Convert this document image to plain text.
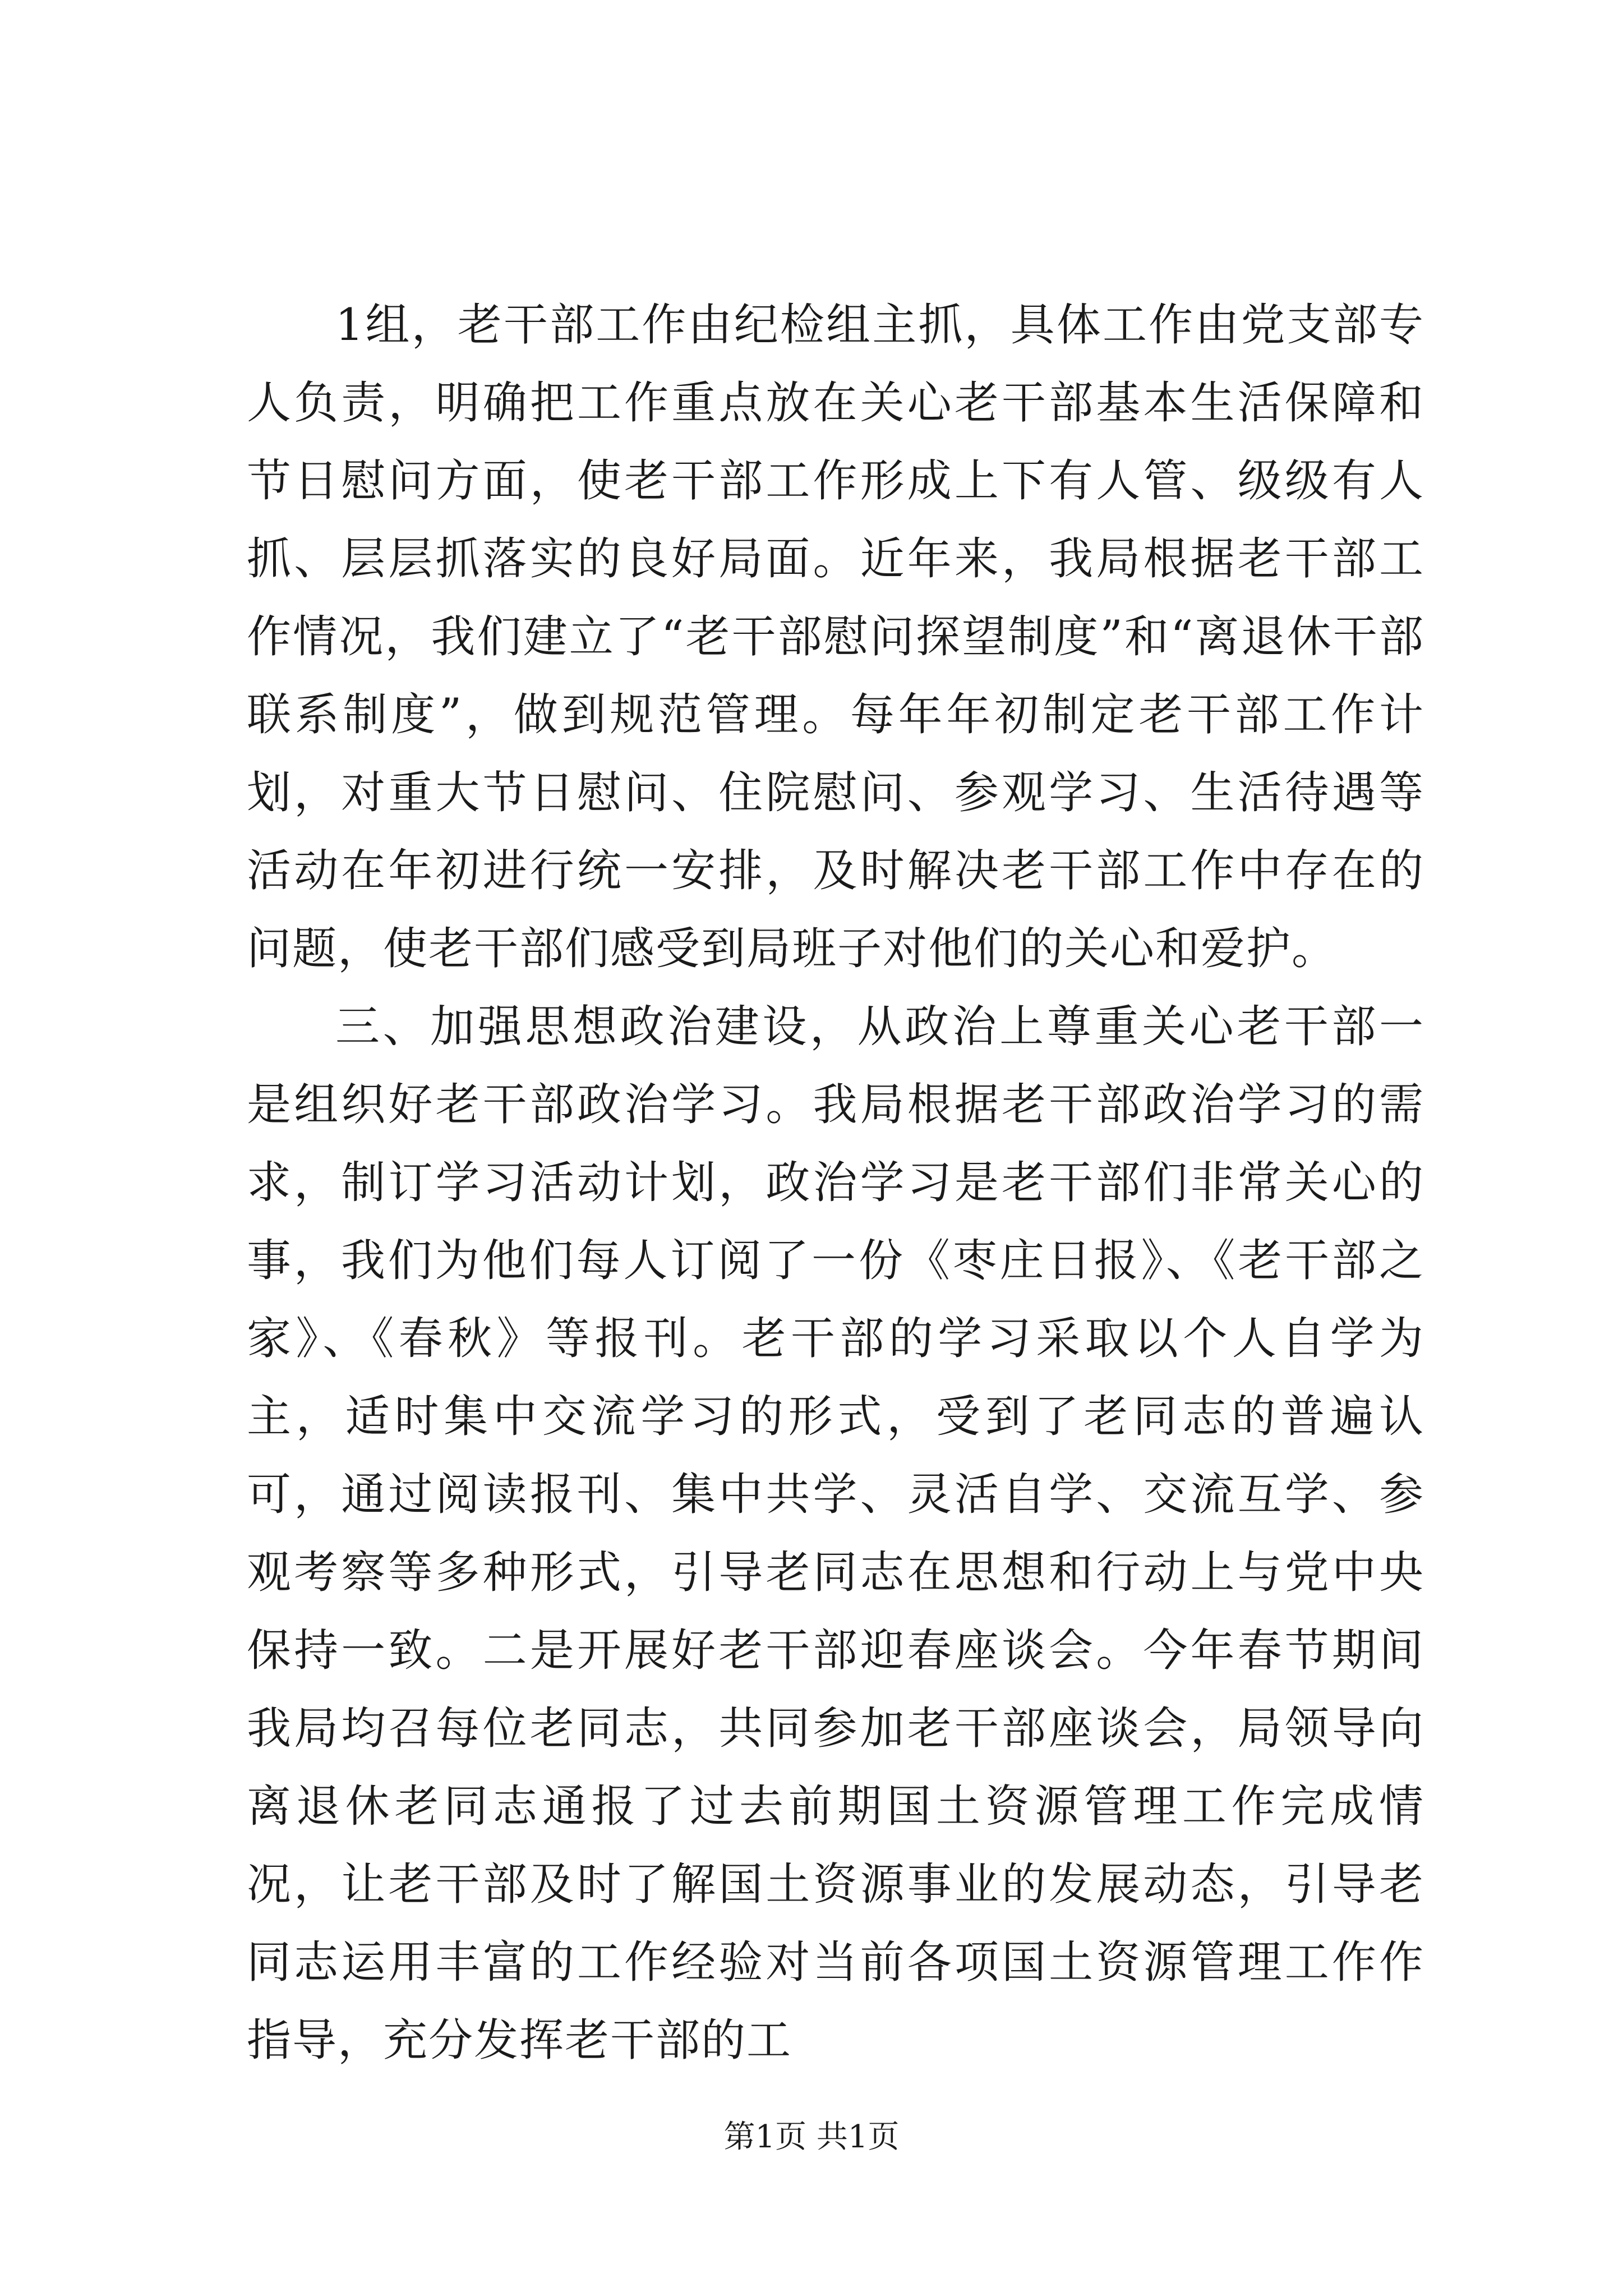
1组，老干部工作由纪检组主抓，具体工作由党支部专人负责，明确把工作重点放在关心老干部基本生活保障和节日慰问方面，使老干部工作形成上下有人管、级级有人抓、层层抓落实的良好局面。近年来，我局根据老干部工作情况，我们建立了“老干部慰问探望制度”和“离退休干部联系制度”，做到规范管理。每年年初制定老干部工作计划，对重大节日慰问、住院慰问、参观学习、生活待遇等活动在年初进行统一安排，及时解决老干部工作中存在的问题，使老干部们感受到局班子对他们的关心和爱护。

三、加强思想政治建设，从政治上尊重关心老干部一是组织好老干部政治学习。我局根据老干部政治学习的需求，制订学习活动计划，政治学习是老干部们非常关心的事，我们为他们每人订阅了一份《枣庄日报》、《老干部之家》、《春秋》等报刊。老干部的学习采取以个人自学为主，适时集中交流学习的形式，受到了老同志的普遍认可，通过阅读报刊、集中共学、灵活自学、交流互学、参观考察等多种形式，引导老同志在思想和行动上与党中央保持一致。二是开展好老干部迎春座谈会。今年春节期间我局均召每位老同志，共同参加老干部座谈会，局领导向离退休老同志通报了过去前期国土资源管理工作完成情况，让老干部及时了解国土资源事业的发展动态，引导老同志运用丰富的工作经验对当前各项国土资源管理工作作指导，充分发挥老干部的工

第1页 共1页
